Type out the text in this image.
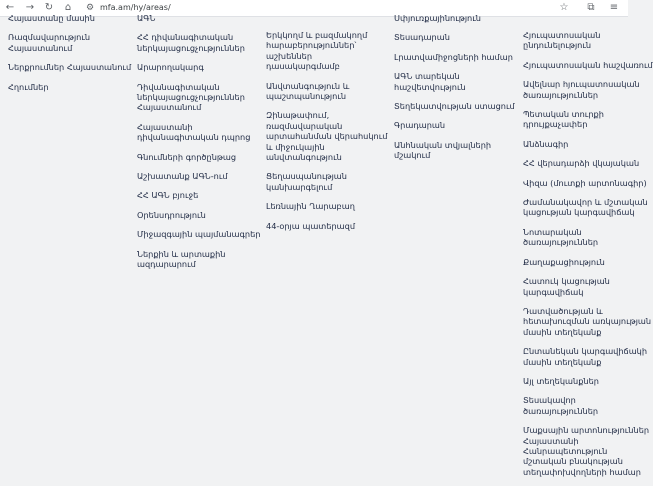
← → ↻ ⌂	⚙ mfa.am/hy/areas/	☆ ⧉ ≡
Հայաստանը մասին
Ռազմավարություն
Հայաստանում
Ներքրումներ Հայաստանում
Հղումներ
ԱԳՆ
ՀՀ դիվանագիտական
ներկայացուցչություններ
Արարողակարգ
Դիվանագիտական
ներկայացուցչություններ
Հայաստանում
Հայաստանի
դիվանագիտական դպրոց
Գնումների գործընթաց
Աշխատանք ԱԳՆ-ում
ՀՀ ԱԳՆ բյուջե
Օրենսդրություն
Միջազգային պայմանագրեր
Ներքին և արտաքին
ազդարարում
Երկկողմ և բազմակողմ
հարաբերություններ՝
աշխեններ
դասակարգմամբ
Անվտանգություն և
պաշտպանություն
Զինաթափում,
ռազմավարական
արտահանման վերահսկում
և միջուկային
անվտանգություն
Ցեղասպանության
կանխարգելում
Լեռնային Ղարաբաղ
44-օրյա պատերազմ
Սփյուռքայինություն
Տեսադարան
Լրատվամիջոցների համար
ԱԳՆ տարեկան
հաշվետվություն
Տեղեկատվության ստացում
Գրադարան
Անհնական տվյալների
մշակում
Հյուպատոսական
ընդունելություն
Հյուպատոսական հաշվառում
Ավելնար հյուպատոսական
ծառայություններ
Պետական տուրքի
դրույքաչափեր
Անձնագիր
ՀՀ վերադարձի վկայական
Վիզա (մուտքի արտոնագիր)
Ժամանակավոր և մշտական
կացության կարգավիճակ
Նոտարական
ծառայություններ
Քաղաքացիություն
Հատուկ կացության
կարգավիճակ
Դատվածության և
հետախուզման առկայության
մասին տեղեկանք
Ընտանեկան կարգավիճակի
մասին տեղեկանք
Այլ տեղեկանքներ
Տեսակավոր
ծառայություններ
Մաքսային արտոնություններ
Հայաստանի
Հանրապետություն
մշտական բնակության
տեղափոխվողների համար
